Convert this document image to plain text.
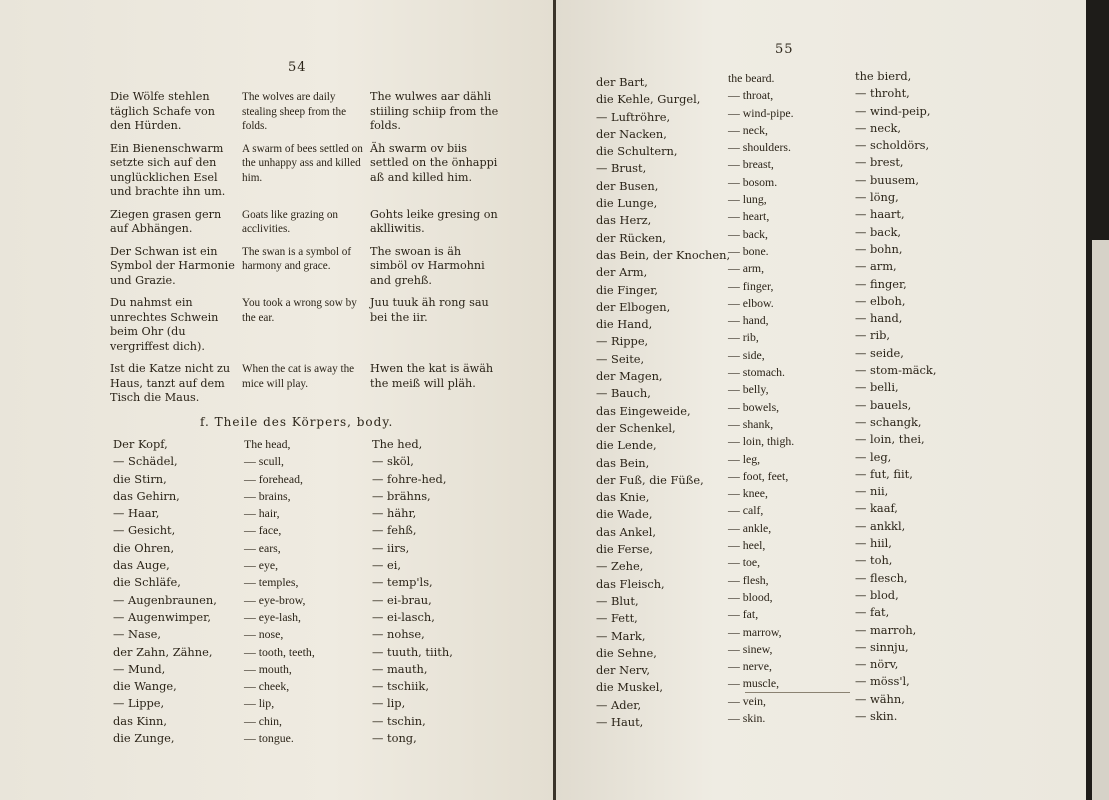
54
Die Wölfe stehlen täglich Schafe von den Hürden.
The wolves are daily stealing sheep from the folds.
The wulwes aar dähli stiiling schiip from the folds.
Ein Bienenschwarm setzte sich auf den unglücklichen Esel und brachte ihn um.
A swarm of bees settled on the unhappy ass and killed him.
Äh swarm ov biis settled on the önhappi aß and killed him.
Ziegen grasen gern auf Abhängen.
Goats like grazing on acclivities.
Gohts leike gresing on aklliwitis.
Der Schwan ist ein Symbol der Harmonie und Grazie.
The swan is a symbol of harmony and grace.
The swoan is äh simböl ov Harmohni and grehß.
Du nahmst ein unrechtes Schwein beim Ohr (du vergriffest dich).
You took a wrong sow by the ear.
Juu tuuk äh rong sau bei the iir.
Ist die Katze nicht zu Haus, tanzt auf dem Tisch die Maus.
When the cat is away the mice will play.
Hwen the kat is äwäh the meiß will pläh.
f. Theile des Körpers, body.
Der Kopf,
— Schädel,
die Stirn,
das Gehirn,
— Haar,
— Gesicht,
die Ohren,
das Auge,
die Schläfe,
— Augenbraunen,
— Augenwimper,
— Nase,
der Zahn, Zähne,
— Mund,
die Wange,
— Lippe,
das Kinn,
die Zunge,
The head,
— scull,
— forehead,
— brains,
— hair,
— face,
— ears,
— eye,
— temples,
— eye-brow,
— eye-lash,
— nose,
— tooth, teeth,
— mouth,
— cheek,
— lip,
— chin,
— tongue.
The hed,
— sköl,
— fohre-hed,
— brähns,
— hähr,
— fehß,
— iirs,
— ei,
— temp'ls,
— ei-brau,
— ei-lasch,
— nohse,
— tuuth, tiith,
— mauth,
— tschiik,
— lip,
— tschin,
— tong,
55
der Bart,
die Kehle, Gurgel,
— Luftröhre,
der Nacken,
die Schultern,
— Brust,
der Busen,
die Lunge,
das Herz,
der Rücken,
das Bein, der Knochen,
der Arm,
die Finger,
der Elbogen,
die Hand,
— Rippe,
— Seite,
der Magen,
— Bauch,
das Eingeweide,
der Schenkel,
die Lende,
das Bein,
der Fuß, die Füße,
das Knie,
die Wade,
das Ankel,
die Ferse,
— Zehe,
das Fleisch,
— Blut,
— Fett,
— Mark,
die Sehne,
der Nerv,
die Muskel,
— Ader,
— Haut,
the beard.
— throat,
— wind-pipe.
— neck,
— shoulders.
— breast,
— bosom.
— lung,
— heart,
— back,
— bone.
— arm,
— finger,
— elbow.
— hand,
— rib,
— side,
— stomach.
— belly,
— bowels,
— shank,
— loin, thigh.
— leg,
— foot, feet,
— knee,
— calf,
— ankle,
— heel,
— toe,
— flesh,
— blood,
— fat,
— marrow,
— sinew,
— nerve,
— muscle,
— vein,
— skin.
the bierd,
— throht,
— wind-peip,
— neck,
— scholdörs,
— brest,
— buusem,
— löng,
— haart,
— back,
— bohn,
— arm,
— finger,
— elboh,
— hand,
— rib,
— seide,
— stom-mäck,
— belli,
— bauels,
— schangk,
— loin, thei,
— leg,
— fut, fiit,
— nii,
— kaaf,
— ankkl,
— hiil,
— toh,
— flesch,
— blod,
— fat,
— marroh,
— sinnju,
— nörv,
— möss'l,
— wähn,
— skin.
